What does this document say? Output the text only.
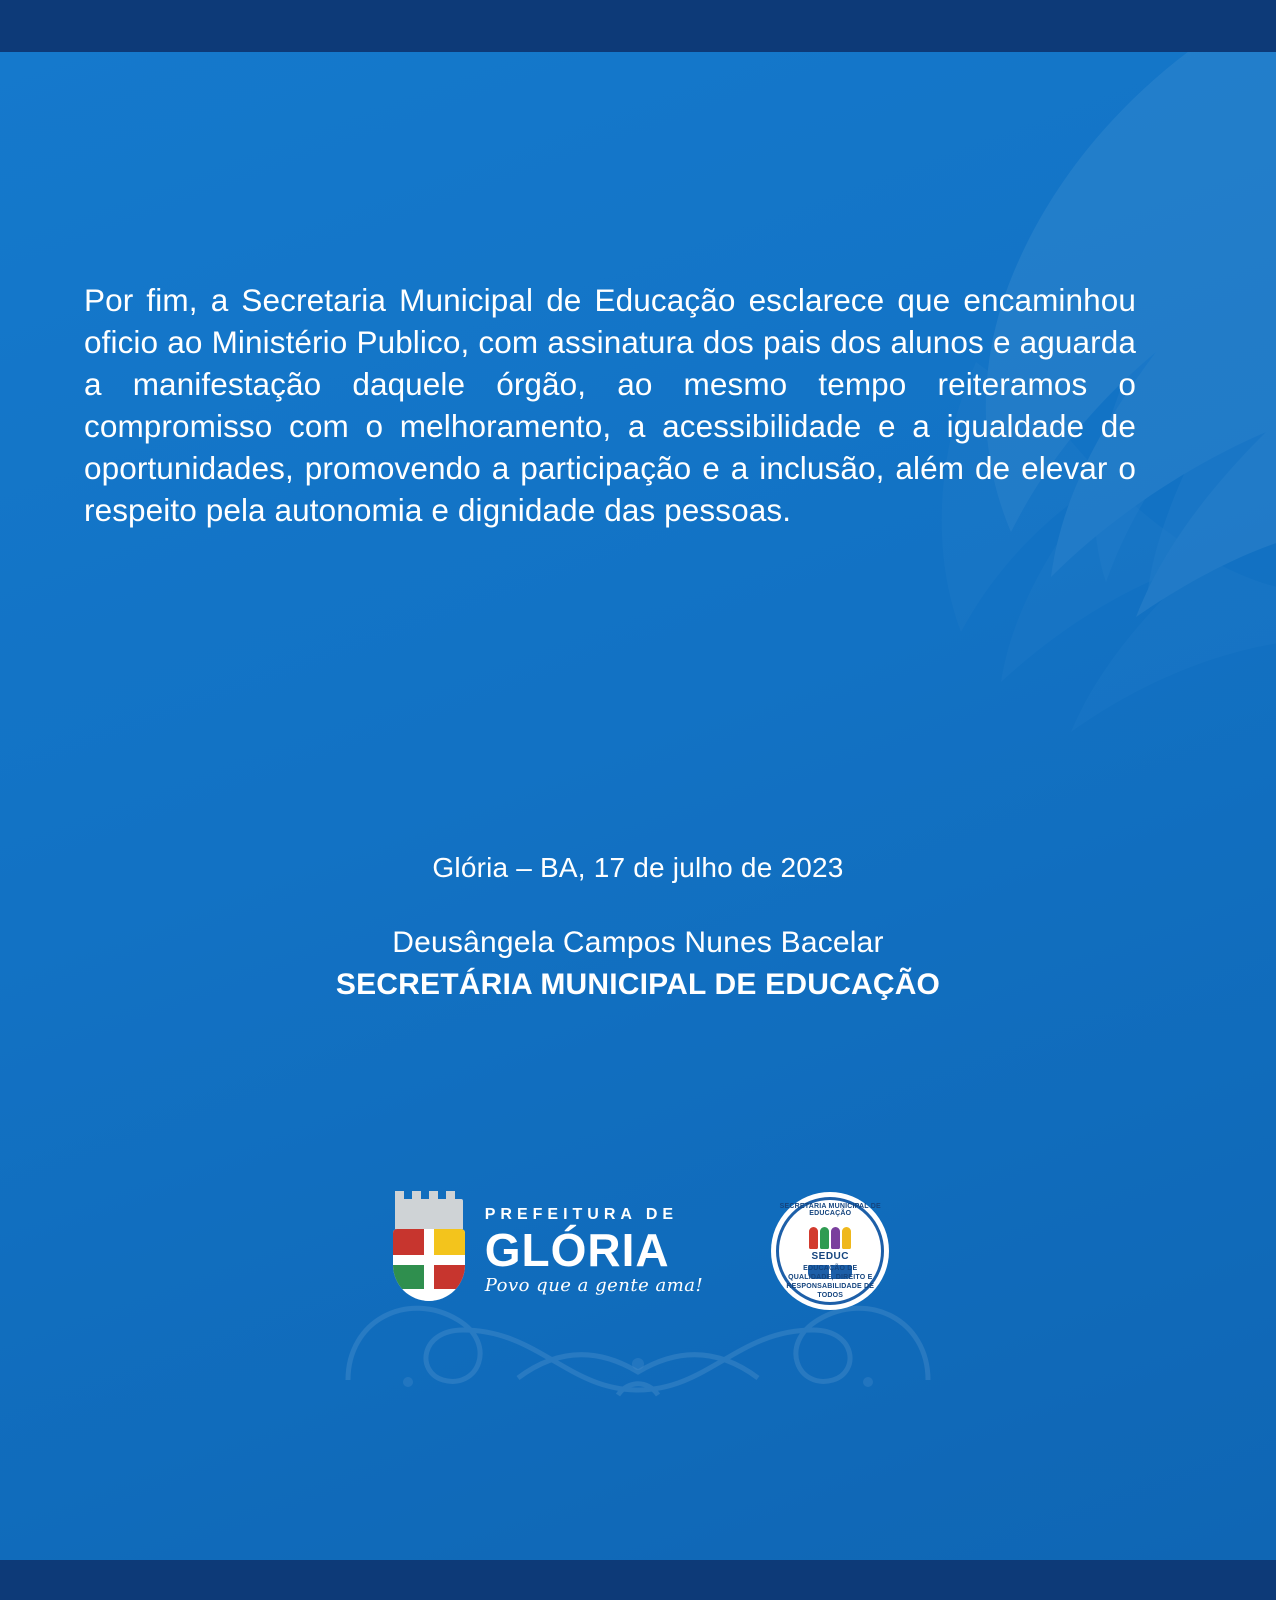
Por fim, a Secretaria Municipal de Educação esclarece que encaminhou oficio ao Ministério Publico, com assinatura dos pais dos alunos e aguarda a manifestação daquele órgão, ao mesmo tempo reiteramos o compromisso com o melhoramento, a acessibilidade e a igualdade de oportunidades, promovendo a participação e a inclusão, além de elevar o respeito pela autonomia e dignidade das pessoas.

Glória – BA, 17 de julho de 2023
Deusângela Campos Nunes Bacelar
SECRETÁRIA MUNICIPAL DE EDUCAÇÃO
PREFEITURA DE
GLÓRIA
Povo que a gente ama!
SECRETARIA MUNICIPAL DE EDUCAÇÃO
SEDUC
EDUCAÇÃO DE QUALIDADE, DIREITO E RESPONSABILIDADE DE TODOS
